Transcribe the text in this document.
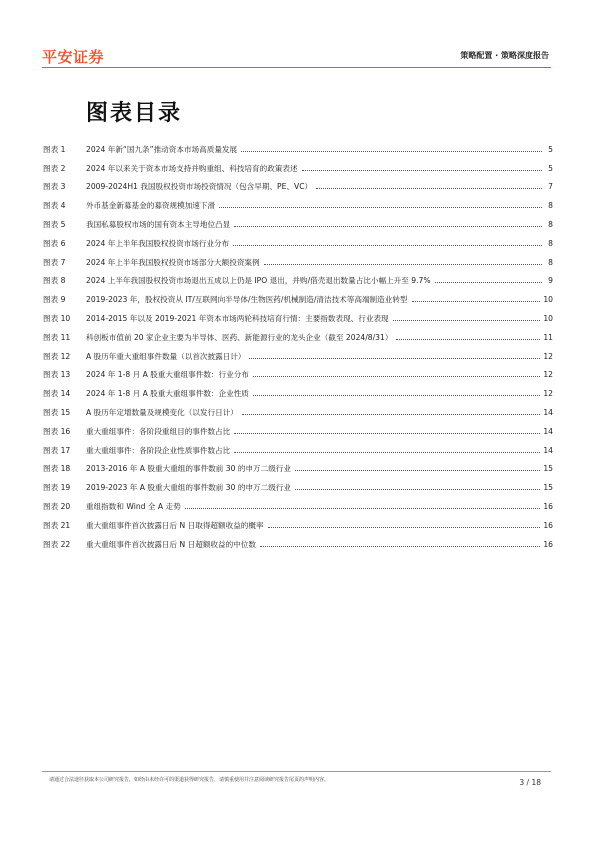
平安证券	策略配置 · 策略深度报告
图表目录
图表 1	2024 年新“国九条”推动资本市场高质量发展	5
图表 2	2024 年以来关于资本市场支持并购重组、科技培育的政策表述	5
图表 3	2009-2024H1 我国股权投资市场投资情况（包含早期、PE、VC）	7
图表 4	外币基金新募基金的募资规模加速下滑	8
图表 5	我国私募股权市场的国有资本主导地位凸显	8
图表 6	2024 年上半年我国股权投资市场行业分布	8
图表 7	2024 年上半年我国股权投资市场部分大额投资案例	8
图表 8	2024 上半年我国股权投资市场退出五成以上仍是 IPO 退出，并购/借壳退出数量占比小幅上升至 9.7%	9
图表 9	2019-2023 年，股权投资从 IT/互联网向半导体/生物医药/机械制造/清洁技术等高端制造业转型	10
图表 10	2014-2015 年以及 2019-2021 年资本市场两轮科技培育行情：主要指数表现、行业表现	10
图表 11	科创板市值前 20 家企业主要为半导体、医药、新能源行业的龙头企业（截至 2024/8/31）	11
图表 12	A 股历年重大重组事件数量（以首次披露日计）	12
图表 13	2024 年 1-8 月 A 股重大重组事件数：行业分布	12
图表 14	2024 年 1-8 月 A 股重大重组事件数：企业性质	12
图表 15	A 股历年定增数量及规模变化（以发行日计）	14
图表 16	重大重组事件：各阶段重组目的事件数占比	14
图表 17	重大重组事件：各阶段企业性质事件数占比	14
图表 18	2013-2016 年 A 股重大重组的事件数前 30 的申万二级行业	15
图表 19	2019-2023 年 A 股重大重组的事件数前 30 的申万二级行业	15
图表 20	重组指数和 Wind 全 A 走势	16
图表 21	重大重组事件首次披露日后 N 日取得超额收益的概率	16
图表 22	重大重组事件首次披露日后 N 日超额收益的中位数	16
请通过合法途径获取本公司研究报告，如经由未经许可的渠道获得研究报告，请慎重使用并注意阅读研究报告尾页的声明内容。	3 / 18
